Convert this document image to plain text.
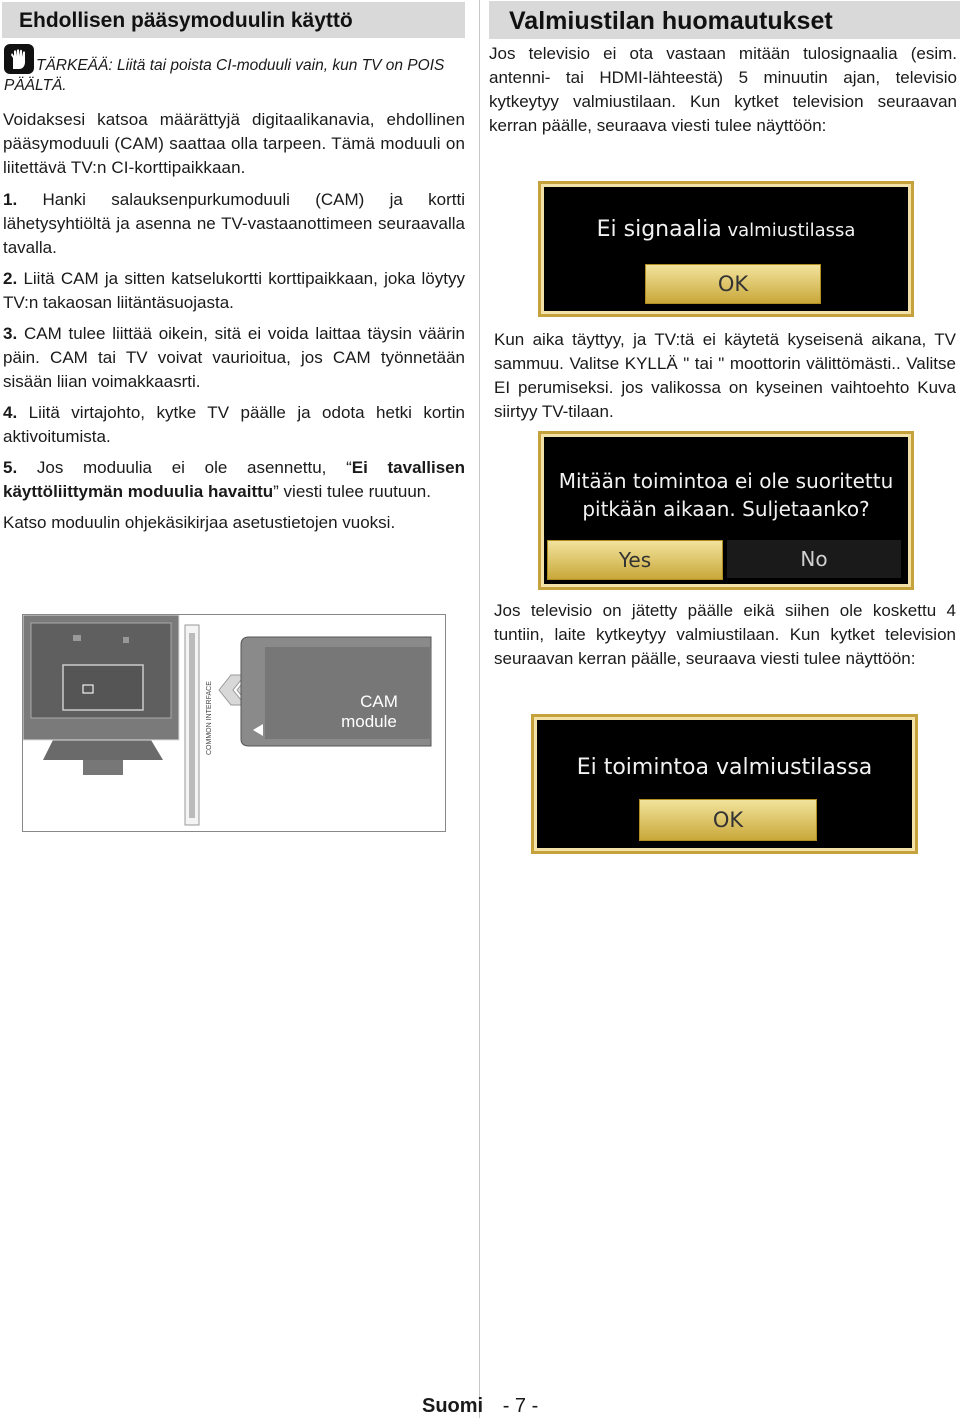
Ehdollisen pääsymoduulin käyttö
TÄRKEÄÄ: Liitä tai poista CI-moduuli vain, kun TV on POIS PÄÄLTÄ.

Voidaksesi katsoa määrättyjä digitaalikanavia, ehdollinen pääsymoduuli (CAM) saattaa olla tarpeen. Tämä moduuli on liitettävä TV:n CI-korttipaikkaan.

1. Hanki salauksenpurkumoduuli (CAM) ja kortti lähetysyhtiöltä ja asenna ne TV-vastaanottimeen seuraavalla tavalla.

2. Liitä CAM ja sitten katselukortti korttipaikkaan, joka löytyy TV:n takaosan liitäntäsuojasta.

3. CAM tulee liittää oikein, sitä ei voida laittaa täysin väärin päin. CAM tai TV voivat vaurioitua, jos CAM työnnetään sisään liian voimakkaasrti.

4. Liitä virtajohto, kytke TV päälle ja odota hetki kortin aktivoitumista.

5. Jos moduulia ei ole asennettu, “Ei tavallisen käyttöliittymän moduulia havaittu” viesti tulee ruutuun.

Katso moduulin ohjekäsikirjaa asetustietojen vuoksi.

COMMON INTERFACE	CAM
module
Valmiustilan huomautukset

Jos televisio ei ota vastaan mitään tulosignaalia (esim. antenni- tai HDMI-lähteestä) 5 minuutin ajan, televisio kytkeytyy valmiustilaan. Kun kytket television seuraavan kerran päälle, seuraava viesti tulee näyttöön:

Ei signaalia valmiustilassa
OK

Kun aika täyttyy, ja TV:tä ei käytetä kyseisenä aikana, TV sammuu. Valitse KYLLÄ " tai " moottorin välittömästi.. Valitse EI perumiseksi. jos valikossa on kyseinen vaihtoehto Kuva siirtyy TV-tilaan.

Mitään toimintoa ei ole suoritettu
pitkään aikaan. Suljetaanko?
Yes	No

Jos televisio on jätetty päälle eikä siihen ole koskettu 4 tuntiin, laite kytkeytyy valmiustilaan. Kun kytket television seuraavan kerran päälle, seuraava viesti tulee näyttöön:

Ei toimintoa valmiustilassa
OK
Suomi - 7 -
